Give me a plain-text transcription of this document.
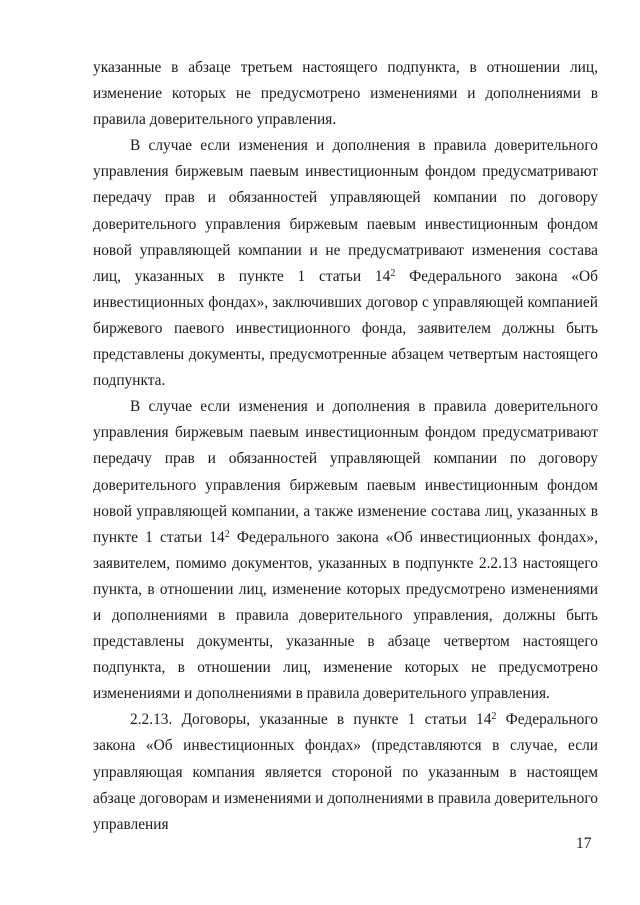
указанные в абзаце третьем настоящего подпункта, в отношении лиц, изменение которых не предусмотрено изменениями и дополнениями в правила доверительного управления.

В случае если изменения и дополнения в правила доверительного управления биржевым паевым инвестиционным фондом предусматривают передачу прав и обязанностей управляющей компании по договору доверительного управления биржевым паевым инвестиционным фондом новой управляющей компании и не предусматривают изменения состава лиц, указанных в пункте 1 статьи $14^2$ Федерального закона «Об инвестиционных фондах», заключивших договор с управляющей компанией биржевого паевого инвестиционного фонда, заявителем должны быть представлены документы, предусмотренные абзацем четвертым настоящего подпункта.

В случае если изменения и дополнения в правила доверительного управления биржевым паевым инвестиционным фондом предусматривают передачу прав и обязанностей управляющей компании по договору доверительного управления биржевым паевым инвестиционным фондом новой управляющей компании, а также изменение состава лиц, указанных в пункте 1 статьи $14^2$ Федерального закона «Об инвестиционных фондах», заявителем, помимо документов, указанных в подпункте 2.2.13 настоящего пункта, в отношении лиц, изменение которых предусмотрено изменениями и дополнениями в правила доверительного управления, должны быть представлены документы, указанные в абзаце четвертом настоящего подпункта, в отношении лиц, изменение которых не предусмотрено изменениями и дополнениями в правила доверительного управления.

2.2.13. Договоры, указанные в пункте 1 статьи $14^2$ Федерального закона «Об инвестиционных фондах» (представляются в случае, если управляющая компания является стороной по указанным в настоящем абзаце договорам и изменениями и дополнениями в правила доверительного управления

17
